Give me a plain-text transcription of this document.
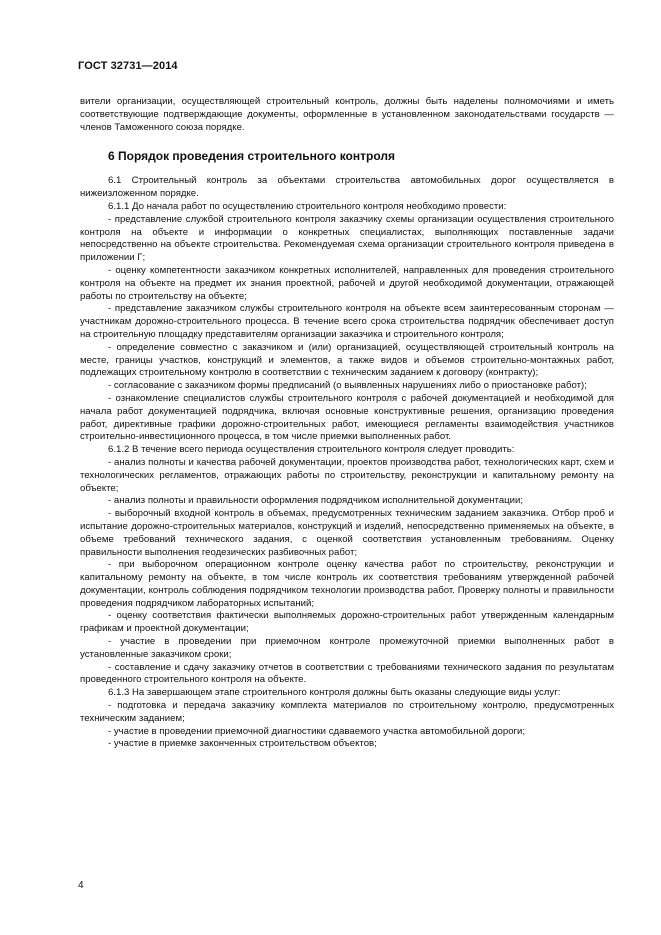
ГОСТ 32731—2014

вители организации, осуществляющей строительный контроль, должны быть наделены полномочиями и иметь соответствующие подтверждающие документы, оформленные в установленном законодательствами государств — членов Таможенного союза порядке.

6 Порядок проведения строительного контроля

6.1 Строительный контроль за объектами строительства автомобильных дорог осуществляется в нижеизложенном порядке.

6.1.1 До начала работ по осуществлению строительного контроля необходимо провести:

- представление службой строительного контроля заказчику схемы организации осуществления строительного контроля на объекте и информации о конкретных специалистах, выполняющих поставленные задачи непосредственно на объекте строительства. Рекомендуемая схема организации строительного контроля приведена в приложении Г;

- оценку компетентности заказчиком конкретных исполнителей, направленных для проведения строительного контроля на объекте на предмет их знания проектной, рабочей и другой необходимой документации, отражающей работы по строительству на объекте;

- представление заказчиком службы строительного контроля на объекте всем заинтересованным сторонам — участникам дорожно-строительного процесса. В течение всего срока строительства подрядчик обеспечивает доступ на строительную площадку представителям организации заказчика и строительного контроля;

- определение совместно с заказчиком и (или) организацией, осуществляющей строительный контроль на месте, границы участков, конструкций и элементов, а также видов и объемов строительно-монтажных работ, подлежащих строительному контролю в соответствии с техническим заданием к договору (контракту);

- согласование с заказчиком формы предписаний (о выявленных нарушениях либо о приостановке работ);

- ознакомление специалистов службы строительного контроля с рабочей документацией и необходимой для начала работ документацией подрядчика, включая основные конструктивные решения, организацию проведения работ, директивные графики дорожно-строительных работ, имеющиеся регламенты взаимодействия участников строительно-инвестиционного процесса, в том числе приемки выполненных работ.

6.1.2 В течение всего периода осуществления строительного контроля следует проводить:

- анализ полноты и качества рабочей документации, проектов производства работ, технологических карт, схем и технологических регламентов, отражающих работы по строительству, реконструкции и капитальному ремонту на объекте;

- анализ полноты и правильности оформления подрядчиком исполнительной документации;

- выборочный входной контроль в объемах, предусмотренных техническим заданием заказчика. Отбор проб и испытание дорожно-строительных материалов, конструкций и изделий, непосредственно применяемых на объекте, в объеме требований технического задания, с оценкой соответствия установленным требованиям. Оценку правильности выполнения геодезических разбивочных работ;

- при выборочном операционном контроле оценку качества работ по строительству, реконструкции и капитальному ремонту на объекте, в том числе контроль их соответствия требованиям утвержденной рабочей документации, контроль соблюдения подрядчиком технологии производства работ. Проверку полноты и правильности проведения подрядчиком лабораторных испытаний;

- оценку соответствия фактически выполняемых дорожно-строительных работ утвержденным календарным графикам и проектной документации;

- участие в проведении при приемочном контроле промежуточной приемки выполненных работ в установленные заказчиком сроки;

- составление и сдачу заказчику отчетов в соответствии с требованиями технического задания по результатам проведенного строительного контроля на объекте.

6.1.3 На завершающем этапе строительного контроля должны быть оказаны следующие виды услуг:

- подготовка и передача заказчику комплекта материалов по строительному контролю, предусмотренных техническим заданием;

- участие в проведении приемочной диагностики сдаваемого участка автомобильной дороги;

- участие в приемке законченных строительством объектов;

4
